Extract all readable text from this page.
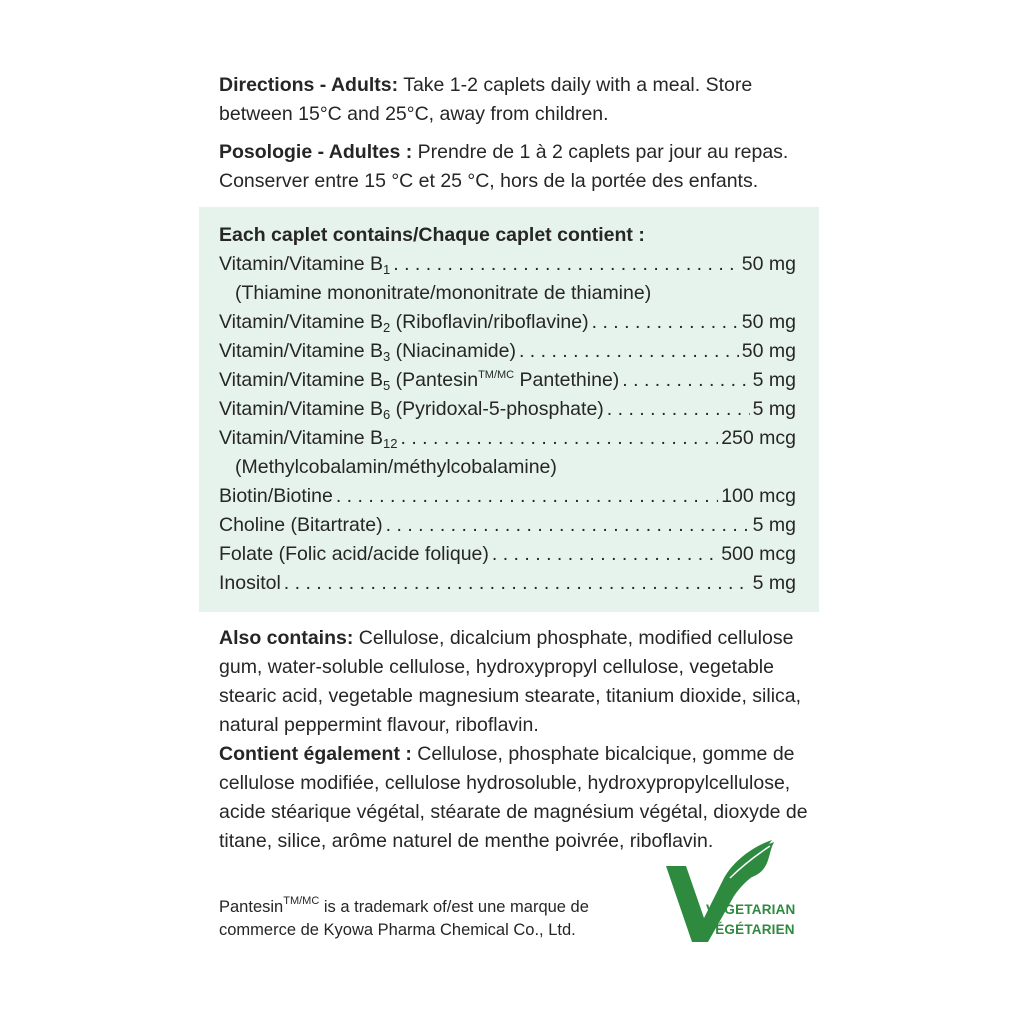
Directions - Adults: Take 1-2 caplets daily with a meal. Store between 15°C and 25°C, away from children.

Posologie - Adultes : Prendre de 1 à 2 caplets par jour au repas. Conserver entre 15 °C et 25 °C, hors de la portée des enfants.

Each caplet contains/Chaque caplet contient :
Vitamin/Vitamine $B_1$ . . .	50 mg
(Thiamine mononitrate/mononitrate de thiamine)
Vitamin/Vitamine $B_2$ (Riboflavin/riboflavine) . . .	50 mg
Vitamin/Vitamine $B_3$ (Niacinamide) . . .	50 mg
Vitamin/Vitamine $B_5$ (Pantesin$^{TM/MC}$ Pantethine) . . .	5 mg
Vitamin/Vitamine $B_6$ (Pyridoxal-5-phosphate) . . .	5 mg
Vitamin/Vitamine $B_{12}$ . . .	250 mcg
(Methylcobalamin/méthylcobalamine)
Biotin/Biotine . . .	100 mcg
Choline (Bitartrate) . . .	5 mg
Folate (Folic acid/acide folique) . . .	500 mcg
Inositol . . .	5 mg

Also contains: Cellulose, dicalcium phosphate, modified cellulose gum, water-soluble cellulose, hydroxypropyl cellulose, vegetable stearic acid, vegetable magnesium stearate, titanium dioxide, silica, natural peppermint flavour, riboflavin.

Contient également : Cellulose, phosphate bicalcique, gomme de cellulose modifiée, cellulose hydrosoluble, hydroxypropylcellulose, acide stéarique végétal, stéarate de magnésium végétal, dioxyde de titane, silice, arôme naturel de menthe poivrée, riboflavin.

Pantesin$^{TM/MC}$ is a trademark of/est une marque de commerce de Kyowa Pharma Chemical Co., Ltd.
VEGETARIAN
VÉGÉTARIEN
